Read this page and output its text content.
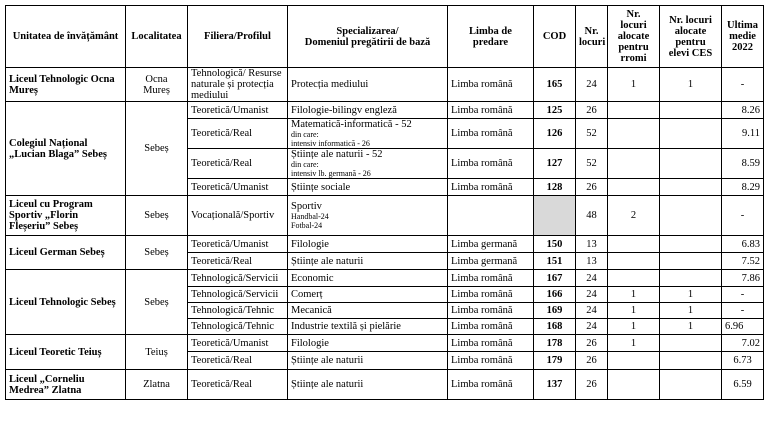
Unitatea de învățământ	Localitatea	Filiera/Profilul	Specializarea/
Domeniul pregătirii de bază	Limba de
predare	COD	Nr.
locuri	Nr.
locuri
alocate
pentru
rromi	Nr. locuri
alocate
pentru
elevi CES	Ultima
medie
2022
Liceul Tehnologic Ocna
Mureș	Ocna
Mureș	Tehnologică/ Resurse naturale și protecția mediului	Protecția mediului	Limba română	165	24	1	1	-
Colegiul Național
„Lucian Blaga” Sebeș	Sebeș	Teoretică/Umanist	Filologie-bilingv engleză	Limba română	125	26			8.26
		Teoretică/Real	Matematică-informatică - 52
din care:
intensiv informatică - 26	Limba română	126	52			9.11
		Teoretică/Real	Științe ale naturii - 52
din care:
intensiv lb. germană - 26	Limba română	127	52			8.59
		Teoretică/Umanist	Științe sociale	Limba română	128	26			8.29
Liceul cu Program
Sportiv „Florin
Fleșeriu” Sebeș	Sebeș	Vocațională/Sportiv	Sportiv
Handbal-24
Fotbal-24			48	2		-
Liceul German Sebeș	Sebeș	Teoretică/Umanist	Filologie	Limba germană	150	13			6.83
		Teoretică/Real	Științe ale naturii	Limba germană	151	13			7.52
Liceul Tehnologic Sebeș	Sebeș	Tehnologică/Servicii	Economic	Limba română	167	24			7.86
		Tehnologică/Servicii	Comerț	Limba română	166	24	1	1	-
		Tehnologică/Tehnic	Mecanică	Limba română	169	24	1	1	-
		Tehnologică/Tehnic	Industrie textilă și pielărie	Limba română	168	24	1	1	6.96
Liceul Teoretic Teiuș	Teiuș	Teoretică/Umanist	Filologie	Limba română	178	26	1		7.02
		Teoretică/Real	Științe ale naturii	Limba română	179	26			6.73
Liceul „Corneliu
Medrea” Zlatna	Zlatna	Teoretică/Real	Științe ale naturii	Limba română	137	26			6.59
